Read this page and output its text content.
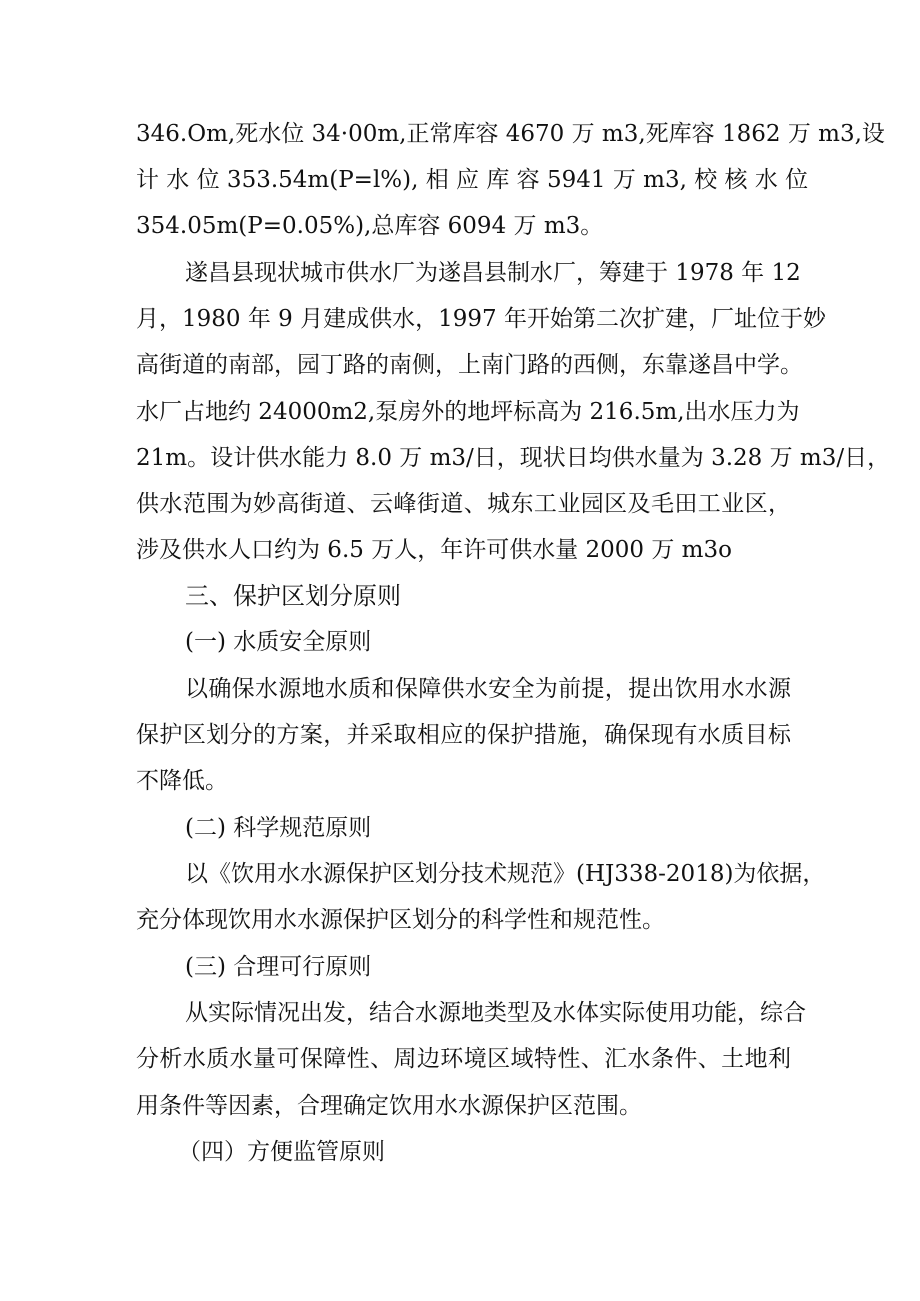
346.Om,死水位 34·00m,正常库容 4670 万 m3,死库容 1862 万 m3,设

计 水 位 353.54m(P=l%), 相 应 库 容 5941 万 m3, 校 核 水 位

354.05m(P=0.05%),总库容 6094 万 m3。

遂昌县现状城市供水厂为遂昌县制水厂，筹建于 1978 年 12

月，1980 年 9 月建成供水，1997 年开始第二次扩建，厂址位于妙

高街道的南部，园丁路的南侧，上南门路的西侧，东靠遂昌中学。

水厂占地约 24000m2,泵房外的地坪标高为 216.5m,出水压力为

21m。设计供水能力 8.0 万 m3/日，现状日均供水量为 3.28 万 m3/日，

供水范围为妙高街道、云峰街道、城东工业园区及毛田工业区，

涉及供水人口约为 6.5 万人，年许可供水量 2000 万 m3o

三、保护区划分原则

(一) 水质安全原则

以确保水源地水质和保障供水安全为前提，提出饮用水水源

保护区划分的方案，并采取相应的保护措施，确保现有水质目标

不降低。

(二) 科学规范原则

以《饮用水水源保护区划分技术规范》(HJ338-2018)为依据，

充分体现饮用水水源保护区划分的科学性和规范性。

(三) 合理可行原则

从实际情况出发，结合水源地类型及水体实际使用功能，综合

分析水质水量可保障性、周边环境区域特性、汇水条件、土地利

用条件等因素，合理确定饮用水水源保护区范围。

（四）方便监管原则
